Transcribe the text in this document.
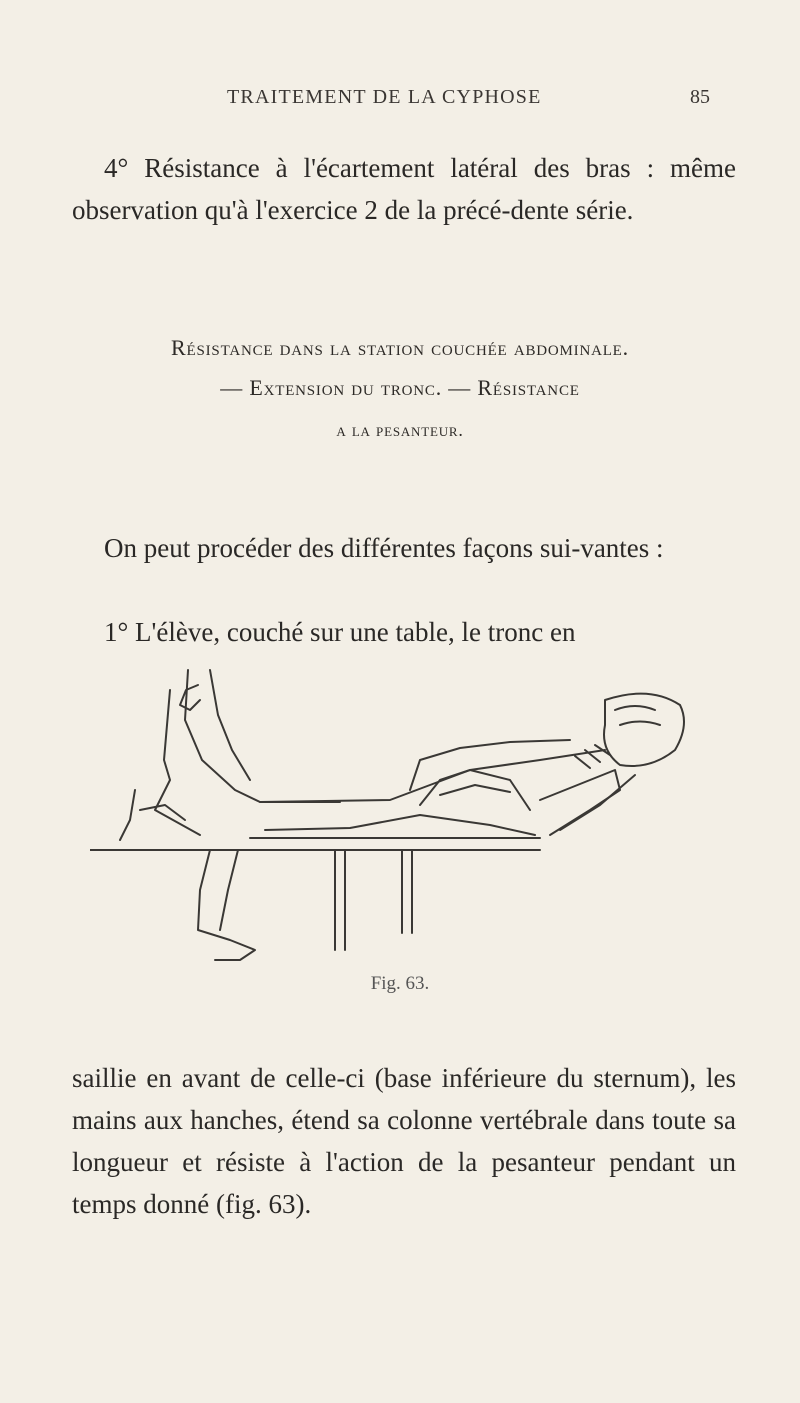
TRAITEMENT DE LA CYPHOSE	85

4° Résistance à l'écartement latéral des bras : même observation qu'à l'exercice 2 de la précé-dente série.

Résistance dans la station couchée abdominale.
— Extension du tronc. — Résistance
a la pesanteur.

On peut procéder des différentes façons sui-vantes :

1° L'élève, couché sur une table, le tronc en

Fig. 63.

saillie en avant de celle-ci (base inférieure du sternum), les mains aux hanches, étend sa colonne vertébrale dans toute sa longueur et résiste à l'action de la pesanteur pendant un temps donné (fig. 63).
